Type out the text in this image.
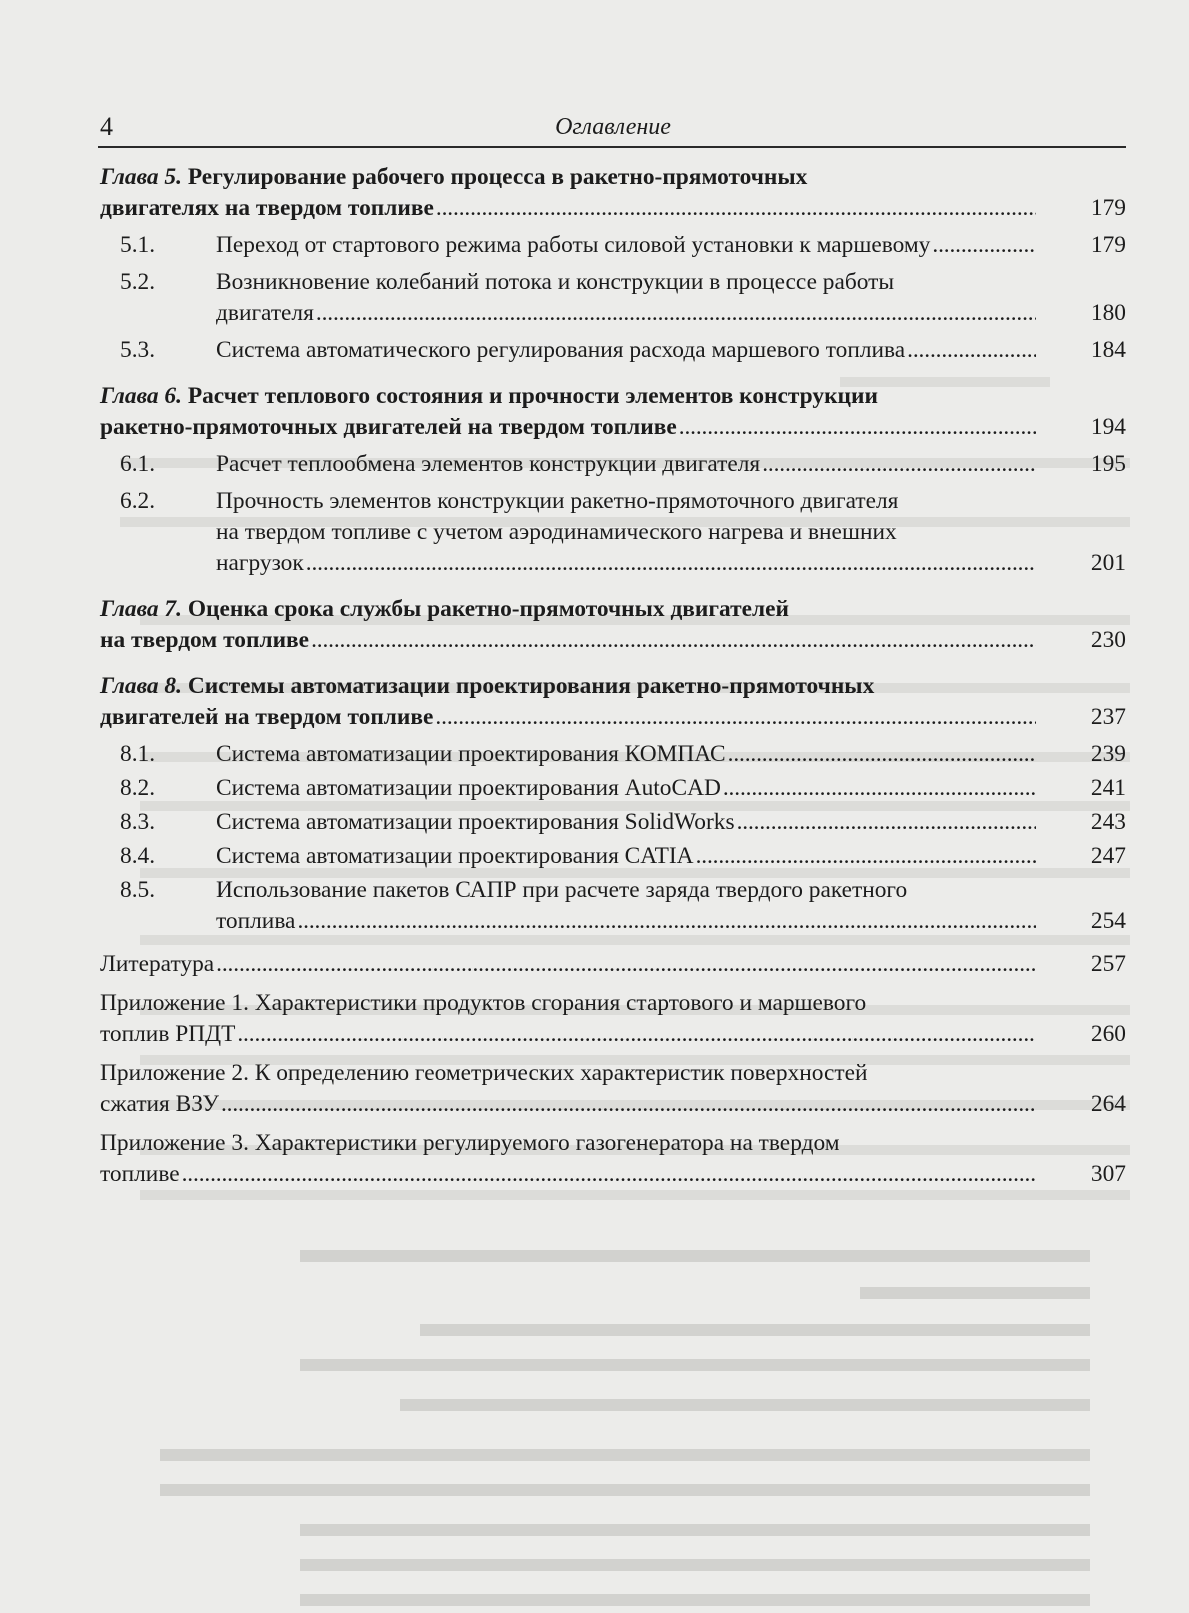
4	Оглавление
Глава 5. Регулирование рабочего процесса в ракетно-прямоточных
двигателях на твердом топливе . . .	179
5.1.	Переход от стартового режима работы силовой установки к маршевому . . .	179
5.2.	Возникновение колебаний потока и конструкции в процессе работы
двигателя . . .	180
5.3.	Система автоматического регулирования расхода маршевого топлива . . .	184
Глава 6. Расчет теплового состояния и прочности элементов конструкции
ракетно-прямоточных двигателей на твердом топливе . . .	194
6.1.	Расчет теплообмена элементов конструкции двигателя . . .	195
6.2.	Прочность элементов конструкции ракетно-прямоточного двигателя
на твердом топливе с учетом аэродинамического нагрева и внешних
нагрузок . . .	201
Глава 7. Оценка срока службы ракетно-прямоточных двигателей
на твердом топливе . . .	230
Глава 8. Системы автоматизации проектирования ракетно-прямоточных
двигателей на твердом топливе . . .	237
8.1.	Система автоматизации проектирования КОМПАС . . .	239
8.2.	Система автоматизации проектирования AutoCAD . . .	241
8.3.	Система автоматизации проектирования SolidWorks . . .	243
8.4.	Система автоматизации проектирования CATIA . . .	247
8.5.	Использование пакетов САПР при расчете заряда твердого ракетного
топлива . . .	254
Литература . . .	257
Приложение 1. Характеристики продуктов сгорания стартового и маршевого
топлив РПДТ . . .	260
Приложение 2. К определению геометрических характеристик поверхностей
сжатия ВЗУ . . .	264
Приложение 3. Характеристики регулируемого газогенератора на твердом
топливе . . .	307
